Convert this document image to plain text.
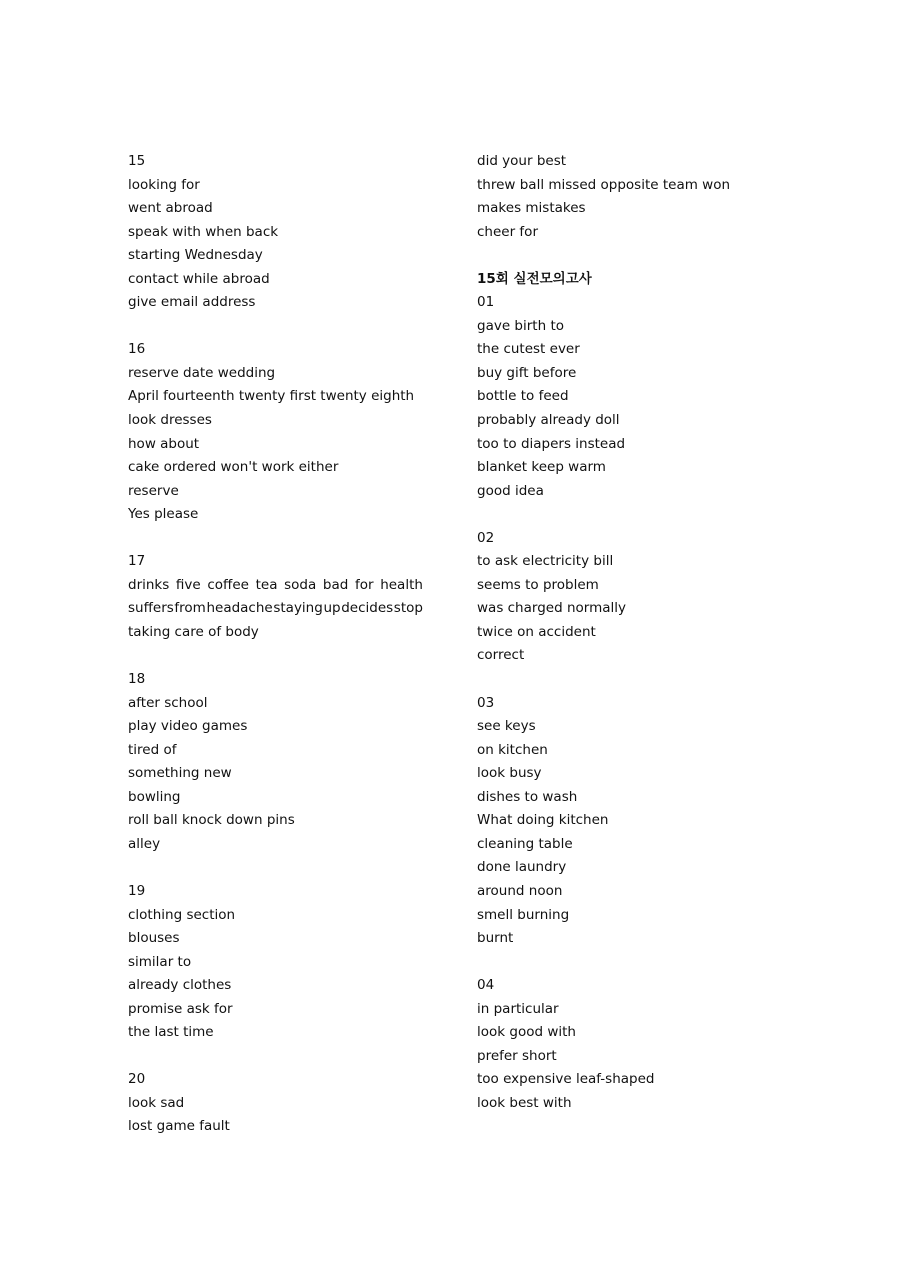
15
looking for
went abroad
speak with when back
starting Wednesday
contact while abroad
give email address
16
reserve date wedding
April fourteenth twenty first twenty eighth
look dresses
how about
cake ordered won't work either
reserve
Yes please
17
drinks five coffee tea soda bad for health
suffers from headache staying up decides stop
taking care of body
18
after school
play video games
tired of
something new
bowling
roll ball knock down pins
alley
19
clothing section
blouses
similar to
already clothes
promise ask for
the last time
20
look sad
lost game fault
did your best
threw ball missed opposite team won
makes mistakes
cheer for
15회 실전모의고사
01
gave birth to
the cutest ever
buy gift before
bottle to feed
probably already doll
too to diapers instead
blanket keep warm
good idea
02
to ask electricity bill
seems to problem
was charged normally
twice on accident
correct
03
see keys
on kitchen
look busy
dishes to wash
What doing kitchen
cleaning table
done laundry
around noon
smell burning
burnt
04
in particular
look good with
prefer short
too expensive leaf-shaped
look best with
